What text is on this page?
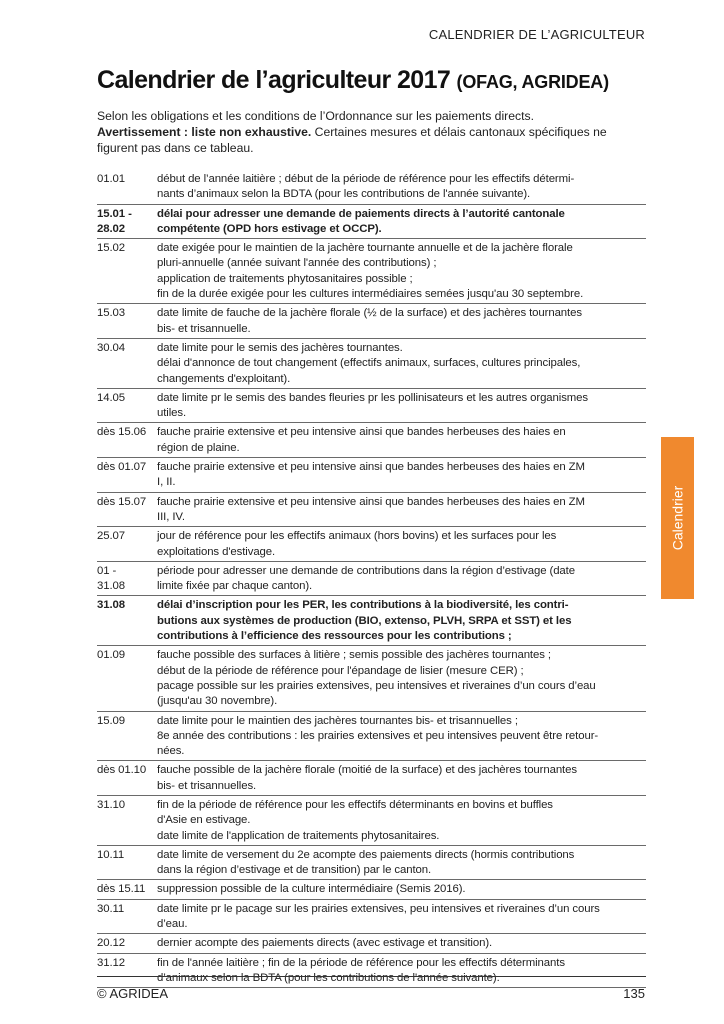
CALENDRIER DE L’AGRICULTEUR
Calendrier de l’agriculteur 2017 (OFAG, AGRIDEA)

Selon les obligations et les conditions de l’Ordonnance sur les paiements directs.

Avertissement : liste non exhaustive. Certaines mesures et délais cantonaux spécifiques ne figurent pas dans ce tableau.

01.01	début de l’année laitière ; début de la période de référence pour les effectifs détermi-
nants d’animaux selon la BDTA (pour les contributions de l'année suivante).
15.01 -
28.02	délai pour adresser une demande de paiements directs à l’autorité cantonale
compétente (OPD hors estivage et OCCP).
15.02	date exigée pour le maintien de la jachère tournante annuelle et de la jachère florale
pluri-annuelle (année suivant l'année des contributions) ;
application de traitements phytosanitaires possible ;
fin de la durée exigée pour les cultures intermédiaires semées jusqu'au 30 septembre.
15.03	date limite de fauche de la jachère florale (½ de la surface) et des jachères tournantes
bis- et trisannuelle.
30.04	date limite pour le semis des jachères tournantes.
délai d'annonce de tout changement (effectifs animaux, surfaces, cultures principales,
changements d'exploitant).
14.05	date limite pr le semis des bandes fleuries pr les pollinisateurs et les autres organismes
utiles.
dès 15.06	fauche prairie extensive et peu intensive ainsi que bandes herbeuses des haies en
région de plaine.
dès 01.07	fauche prairie extensive et peu intensive ainsi que bandes herbeuses des haies en ZM
I, II.
dès 15.07	fauche prairie extensive et peu intensive ainsi que bandes herbeuses des haies en ZM
III, IV.
25.07	jour de référence pour les effectifs animaux (hors bovins) et les surfaces pour les
exploitations d'estivage.
01 -
31.08	période pour adresser une demande de contributions dans la région d’estivage (date
limite fixée par chaque canton).
31.08	délai d’inscription pour les PER, les contributions à la biodiversité, les contri-
butions aux systèmes de production (BIO, extenso, PLVH, SRPA et SST) et les
contributions à l’efficience des ressources pour les contributions ;
01.09	fauche possible des surfaces à litière ; semis possible des jachères tournantes ;
début de la période de référence pour l'épandage de lisier (mesure CER) ;
pacage possible sur les prairies extensives, peu intensives et riveraines d’un cours d’eau
(jusqu'au 30 novembre).
15.09	date limite pour le maintien des jachères tournantes bis- et trisannuelles ;
8e année des contributions : les prairies extensives et peu intensives peuvent être retour-
nées.
dès 01.10	fauche possible de la jachère florale (moitié de la surface) et des jachères tournantes
bis- et trisannuelles.
31.10	fin de la période de référence pour les effectifs déterminants en bovins et buffles
d'Asie en estivage.
date limite de l'application de traitements phytosanitaires.
10.11	date limite de versement du 2e acompte des paiements directs (hormis contributions
dans la région d’estivage et de transition) par le canton.
dès 15.11	suppression possible de la culture intermédiaire (Semis 2016).
30.11	date limite pr le pacage sur les prairies extensives, peu intensives et riveraines d’un cours
d’eau.
20.12	dernier acompte des paiements directs (avec estivage et transition).
31.12	fin de l'année laitière ; fin de la période de référence pour les effectifs déterminants
d’animaux selon la BDTA (pour les contributions de l'année suivante).
Calendrier
© AGRIDEA	135
